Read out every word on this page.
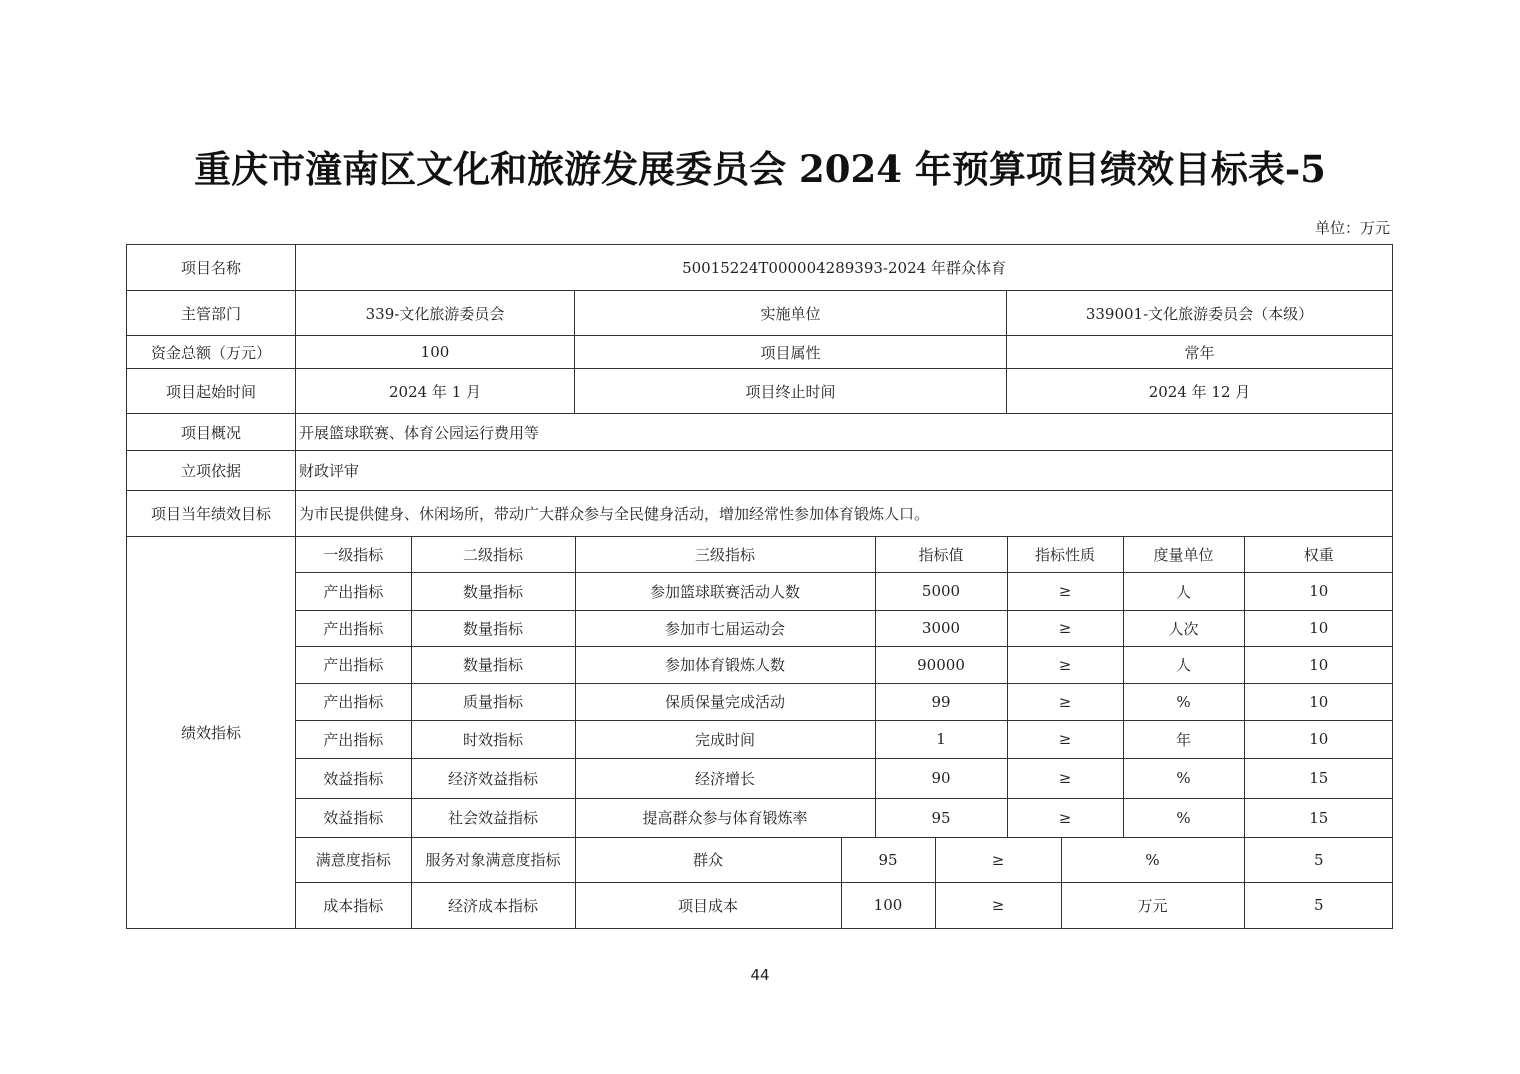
重庆市潼南区文化和旅游发展委员会 2024 年预算项目绩效目标表-5
单位：万元
项目名称	50015224T000004289393-2024 年群众体育
主管部门	339-文化旅游委员会	实施单位	339001-文化旅游委员会（本级）
资金总额（万元）	100	项目属性	常年
项目起始时间	2024 年 1 月	项目终止时间	2024 年 12 月
项目概况	开展篮球联赛、体育公园运行费用等
立项依据	财政评审
项目当年绩效目标	为市民提供健身、休闲场所，带动广大群众参与全民健身活动，增加经常性参加体育锻炼人口。
绩效指标	
一级指标	二级指标	三级指标	指标值	指标性质	度量单位	权重
产出指标	数量指标	参加篮球联赛活动人数	5000	≥	人	10
产出指标	数量指标	参加市七届运动会	3000	≥	人次	10
产出指标	数量指标	参加体育锻炼人数	90000	≥	人	10
产出指标	质量指标	保质保量完成活动	99	≥	%	10
产出指标	时效指标	完成时间	1	≥	年	10
效益指标	经济效益指标	经济增长	90	≥	%	15
效益指标	社会效益指标	提高群众参与体育锻炼率	95	≥	%	15
满意度指标	服务对象满意度指标	群众	95	≥	%	5
成本指标	经济成本指标	项目成本	100	≥	万元	5
44
